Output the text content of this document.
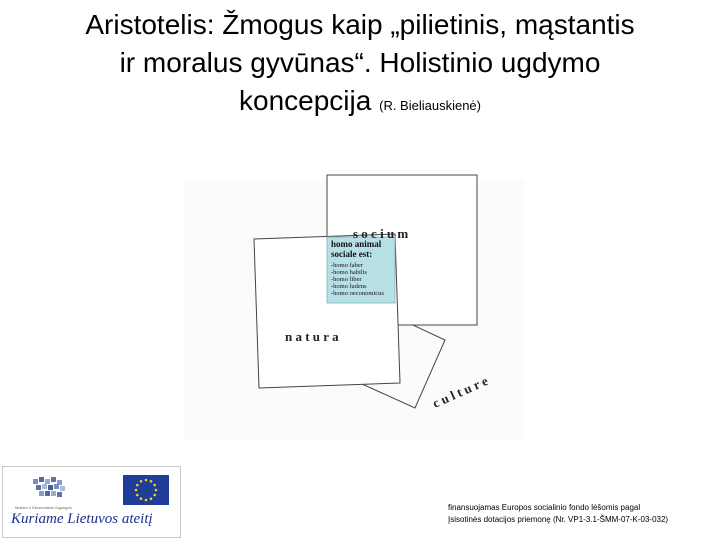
Aristotelis: Žmogus kaip „pilietinis, mąstantis
ir moralus gyvūnas“. Holistinio ugdymo
koncepcija (R. Bieliauskienė)
s o c i u m
homo animal
sociale est:
-homo faber
-homo habilis
-homo liber
-homo ludens
-homo oeconomicus
n a t u r a
c u l t u r e
Mokslo ir Ekonomikos Sąjungos
Kuriame Lietuvos ateitį
finansuojamas Europos socialinio fondo lėšomis pagal
Įsisotinės dotacijos priemonę (Nr. VP1-3.1-ŠMM-07-K-03-032)
